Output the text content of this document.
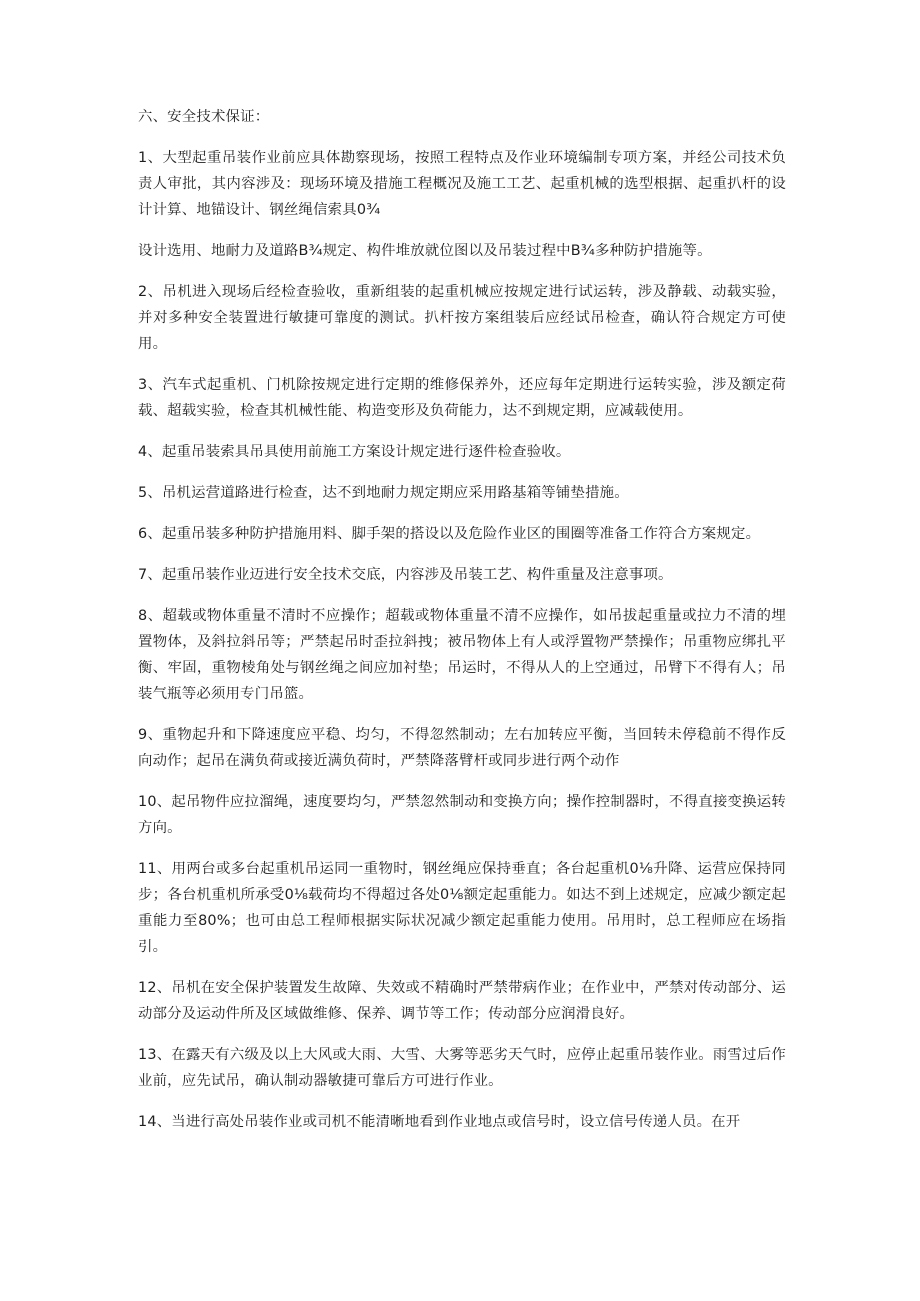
六、安全技术保证：

1、大型起重吊装作业前应具体勘察现场，按照工程特点及作业环境编制专项方案，并经公司技术负责人审批，其内容涉及：现场环境及措施工程概况及施工工艺、起重机械的选型根据、起重扒杆的设计计算、地锚设计、钢丝绳信索具0¾

设计选用、地耐力及道路B¾规定、构件堆放就位图以及吊装过程中B¾多种防护措施等。

2、吊机进入现场后经检查验收，重新组装的起重机械应按规定进行试运转，涉及静载、动载实验，并对多种安全装置进行敏捷可靠度的测试。扒杆按方案组装后应经试吊检查，确认符合规定方可使用。

3、汽车式起重机、门机除按规定进行定期的维修保养外，还应每年定期进行运转实验，涉及额定荷载、超载实验，检查其机械性能、构造变形及负荷能力，达不到规定期，应减载使用。

4、起重吊装索具吊具使用前施工方案设计规定进行逐件检查验收。

5、吊机运营道路进行检查，达不到地耐力规定期应采用路基箱等铺垫措施。

6、起重吊装多种防护措施用料、脚手架的搭设以及危险作业区的围圈等准备工作符合方案规定。

7、起重吊装作业迈进行安全技术交底，内容涉及吊装工艺、构件重量及注意事项。

8、超载或物体重量不清时不应操作；超载或物体重量不清不应操作，如吊拔起重量或拉力不清的埋置物体，及斜拉斜吊等；严禁起吊时歪拉斜拽；被吊物体上有人或浮置物严禁操作；吊重物应绑扎平衡、牢固，重物棱角处与钢丝绳之间应加衬垫；吊运时，不得从人的上空通过，吊臂下不得有人；吊装气瓶等必须用专门吊篮。

9、重物起升和下降速度应平稳、均匀，不得忽然制动；左右加转应平衡，当回转未停稳前不得作反向动作；起吊在满负荷或接近满负荷时，严禁降落臂杆或同步进行两个动作

10、起吊物件应拉溜绳，速度要均匀，严禁忽然制动和变换方向；操作控制器时，不得直接变换运转方向。

11、用两台或多台起重机吊运同一重物时，钢丝绳应保持垂直；各台起重机0⅛升降、运营应保持同步；各台机重机所承受0⅛载荷均不得超过各处0⅛额定起重能力。如达不到上述规定，应减少额定起重能力至80%；也可由总工程师根据实际状况减少额定起重能力使用。吊用时，总工程师应在场指引。

12、吊机在安全保护装置发生故障、失效或不精确时严禁带病作业；在作业中，严禁对传动部分、运动部分及运动件所及区域做维修、保养、调节等工作；传动部分应润滑良好。

13、在露天有六级及以上大风或大雨、大雪、大雾等恶劣天气时，应停止起重吊装作业。雨雪过后作业前，应先试吊，确认制动器敏捷可靠后方可进行作业。

14、当进行高处吊装作业或司机不能清晰地看到作业地点或信号时，设立信号传递人员。在开
